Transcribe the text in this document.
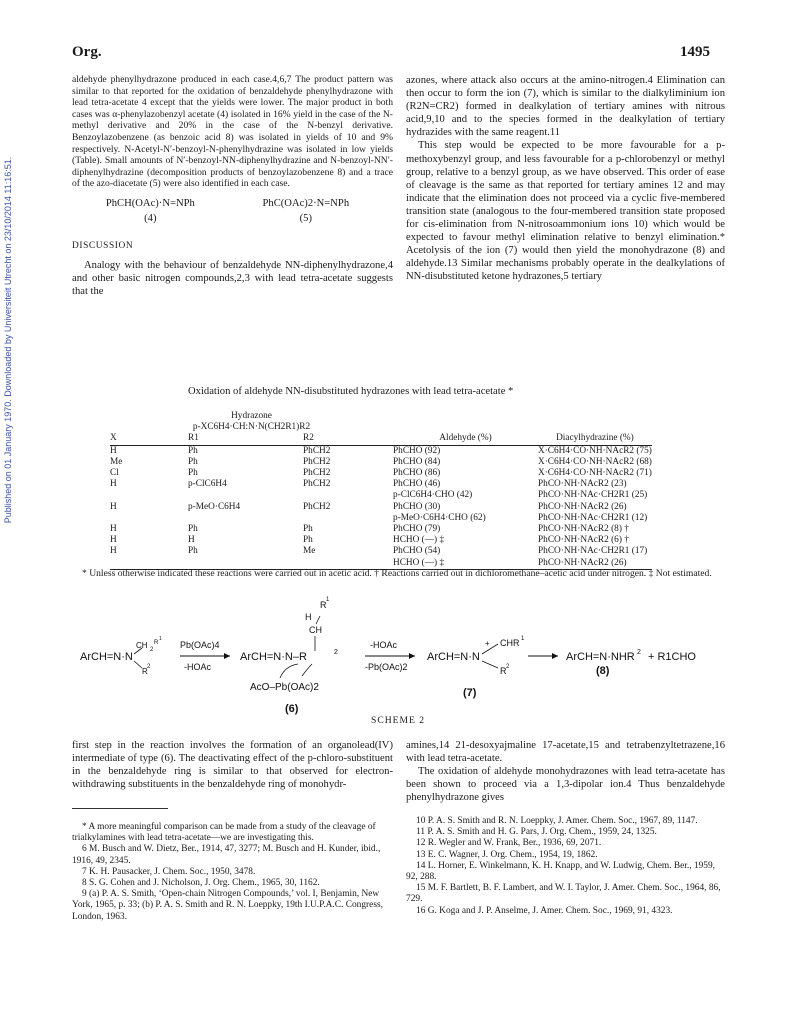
Published on 01 January 1970. Downloaded by Universiteit Utrecht on 23/10/2014 11:16:51.
Org.	1495

aldehyde phenylhydrazone produced in each case.4,6,7 The product pattern was similar to that reported for the oxidation of benzaldehyde phenylhydrazone with lead tetra-acetate 4 except that the yields were lower. The major product in both cases was α-phenylazobenzyl acetate (4) isolated in 16% yield in the case of the N-methyl derivative and 20% in the case of the N-benzyl derivative. Benzoylazobenzene (as benzoic acid 8) was isolated in yields of 10 and 9% respectively. N-Acetyl-N′-benzoyl-N-phenylhydrazine was isolated in low yields (Table). Small amounts of N′-benzoyl-NN-diphenylhydrazine and N-benzoyl-NN′-diphenylhydrazine (decomposition products of benzoylazobenzene 8) and a trace of the azo-diacetate (5) were also identified in each case.

PhCH(OAc)·N=NPh
(4)
PhC(OAc)2·N=NPh
(5)
DISCUSSION

Analogy with the behaviour of benzaldehyde NN-diphenylhydrazone,4 and other basic nitrogen compounds,2,3 with lead tetra-acetate suggests that the

azones, where attack also occurs at the amino-nitrogen.4 Elimination can then occur to form the ion (7), which is similar to the dialkyliminium ion (R2N=CR2) formed in dealkylation of tertiary amines with nitrous acid,9,10 and to the species formed in the dealkylation of tertiary hydrazides with the same reagent.11

This step would be expected to be more favourable for a p-methoxybenzyl group, and less favourable for a p-chlorobenzyl or methyl group, relative to a benzyl group, as we have observed. This order of ease of cleavage is the same as that reported for tertiary amines 12 and may indicate that the elimination does not proceed via a cyclic five-membered transition state (analogous to the four-membered transition state proposed for cis-elimination from N-nitrosoammonium ions 10) which would be expected to favour methyl elimination relative to benzyl elimination.* Acetolysis of the ion (7) would then yield the monohydrazone (8) and aldehyde.13 Similar mechanisms probably operate in the dealkylations of NN-disubstituted ketone hydrazones,5 tertiary

Oxidation of aldehyde NN-disubstituted hydrazones with lead tetra-acetate *
Hydrazone
p-XC6H4·CH:N·N(CH2R1)R2				

X	R1	R2	Aldehyde (%)	Diacylhydrazine (%)
H	Ph	PhCH2	PhCHO (92)	X·C6H4·CO·NH·NAcR2 (75)
Me	Ph	PhCH2	PhCHO (84)	X·C6H4·CO·NH·NAcR2 (68)
Cl	Ph	PhCH2	PhCHO (86)	X·C6H4·CO·NH·NAcR2 (71)
H	p-ClC6H4	PhCH2	PhCHO (46)	PhCO·NH·NAcR2 (23)
			p-ClC6H4·CHO (42)	PhCO·NH·NAc·CH2R1 (25)
H	p-MeO·C6H4	PhCH2	PhCHO (30)	PhCO·NH·NAcR2 (26)
			p-MeO·C6H4·CHO (62)	PhCO·NH·NAc·CH2R1 (12)
H	Ph	Ph	PhCHO (79)	PhCO·NH·NAcR2 (8) †
H	H	Ph	HCHO (—) ‡	PhCO·NH·NAcR2 (6) †
H	Ph	Me	PhCHO (54)	PhCO·NH·NAc·CH2R1 (17)
			HCHO (—) ‡	PhCO·NH·NAcR2 (26)
* Unless otherwise indicated these reactions were carried out in acetic acid. † Reactions carried out in dichloromethane–acetic acid under nitrogen. ‡ Not estimated.
ArCH=N·N
CH 2
R
1
R 2
Pb(OAc)4
-HOAc
ArCH=N·N–R	2
CH
H
R 1
AcO–Pb(OAc)2
(6)
-HOAc
-Pb(OAc)2
ArCH=N·N
+ CHR 1
R 2
(7)
ArCH=N·NHR 2
(8)
+ R1CHO
SCHEME 2

first step in the reaction involves the formation of an organolead(IV) intermediate of type (6). The deactivating effect of the p-chloro-substituent in the benzaldehyde ring is similar to that observed for electron-withdrawing substituents in the benzaldehyde ring of monohydr-

amines,14 21-desoxyajmaline 17-acetate,15 and tetrabenzyltetrazene,16 with lead tetra-acetate.

The oxidation of aldehyde monohydrazones with lead tetra-acetate has been shown to proceed via a 1,3-dipolar ion.4 Thus benzaldehyde phenylhydrazone gives

* A more meaningful comparison can be made from a study of the cleavage of trialkylamines with lead tetra-acetate—we are investigating this.

6 M. Busch and W. Dietz, Ber., 1914, 47, 3277; M. Busch and H. Kunder, ibid., 1916, 49, 2345.

7 K. H. Pausacker, J. Chem. Soc., 1950, 3478.

8 S. G. Cohen and J. Nicholson, J. Org. Chem., 1965, 30, 1162.

9 (a) P. A. S. Smith, ‘Open-chain Nitrogen Compounds,’ vol. I, Benjamin, New York, 1965, p. 33; (b) P. A. S. Smith and R. N. Loeppky, 19th I.U.P.A.C. Congress, London, 1963.

10 P. A. S. Smith and R. N. Loeppky, J. Amer. Chem. Soc., 1967, 89, 1147.

11 P. A. S. Smith and H. G. Pars, J. Org. Chem., 1959, 24, 1325.

12 R. Wegler and W. Frank, Ber., 1936, 69, 2071.

13 E. C. Wagner, J. Org. Chem., 1954, 19, 1862.

14 L. Horner, E. Winkelmann, K. H. Knapp, and W. Ludwig, Chem. Ber., 1959, 92, 288.

15 M. F. Bartlett, B. F. Lambert, and W. I. Taylor, J. Amer. Chem. Soc., 1964, 86, 729.

16 G. Koga and J. P. Anselme, J. Amer. Chem. Soc., 1969, 91, 4323.
